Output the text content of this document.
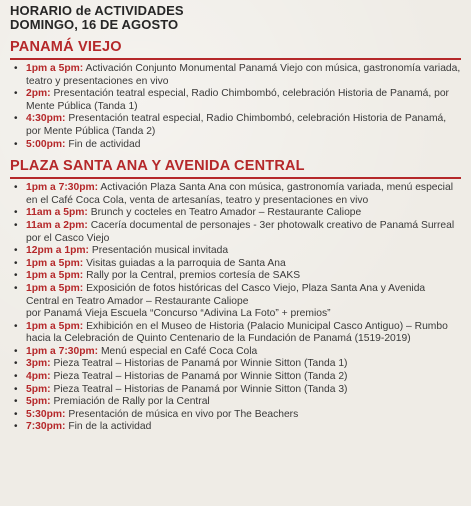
HORARIO de ACTIVIDADES
DOMINGO, 16 DE AGOSTO
PANAMÁ VIEJO
• 1pm a 5pm: Activación Conjunto Monumental Panamá Viejo con música, gastronomía variada, teatro y presentaciones en vivo
• 2pm: Presentación teatral especial, Radio Chimbombó, celebración Historia de Panamá, por Mente Pública (Tanda 1)
• 4:30pm: Presentación teatral especial, Radio Chimbombó, celebración Historia de Panamá, por Mente Pública (Tanda 2)
• 5:00pm: Fin de actividad
PLAZA SANTA ANA Y AVENIDA CENTRAL
• 1pm a 7:30pm: Activación Plaza Santa Ana con música, gastronomía variada, menú especial en el Café Coca Cola, venta de artesanías, teatro y presentaciones en vivo
• 11am a 5pm: Brunch y cocteles en Teatro Amador – Restaurante Caliope
• 11am a 2pm: Cacería documental de personajes - 3er photowalk creativo de Panamá Surreal por el Casco Viejo
• 12pm a 1pm: Presentación musical invitada
• 1pm a 5pm: Visitas guiadas a la parroquia de Santa Ana
• 1pm a 5pm: Rally por la Central, premios cortesía de SAKS
• 1pm a 5pm: Exposición de fotos históricas del Casco Viejo, Plaza Santa Ana y Avenida Central en Teatro Amador – Restaurante Caliope
por Panamá Vieja Escuela “Concurso “Adivina La Foto” + premios”
• 1pm a 5pm: Exhibición en el Museo de Historia (Palacio Municipal Casco Antiguo) – Rumbo hacia la Celebración de Quinto Centenario de la Fundación de Panamá (1519-2019)
• 1pm a 7:30pm: Menú especial en Café Coca Cola
• 3pm: Pieza Teatral – Historias de Panamá por Winnie Sitton (Tanda 1)
• 4pm: Pieza Teatral – Historias de Panamá por Winnie Sitton (Tanda 2)
• 5pm: Pieza Teatral – Historias de Panamá por Winnie Sitton (Tanda 3)
• 5pm: Premiación de Rally por la Central
• 5:30pm: Presentación de música en vivo por The Beachers
• 7:30pm: Fin de la actividad
